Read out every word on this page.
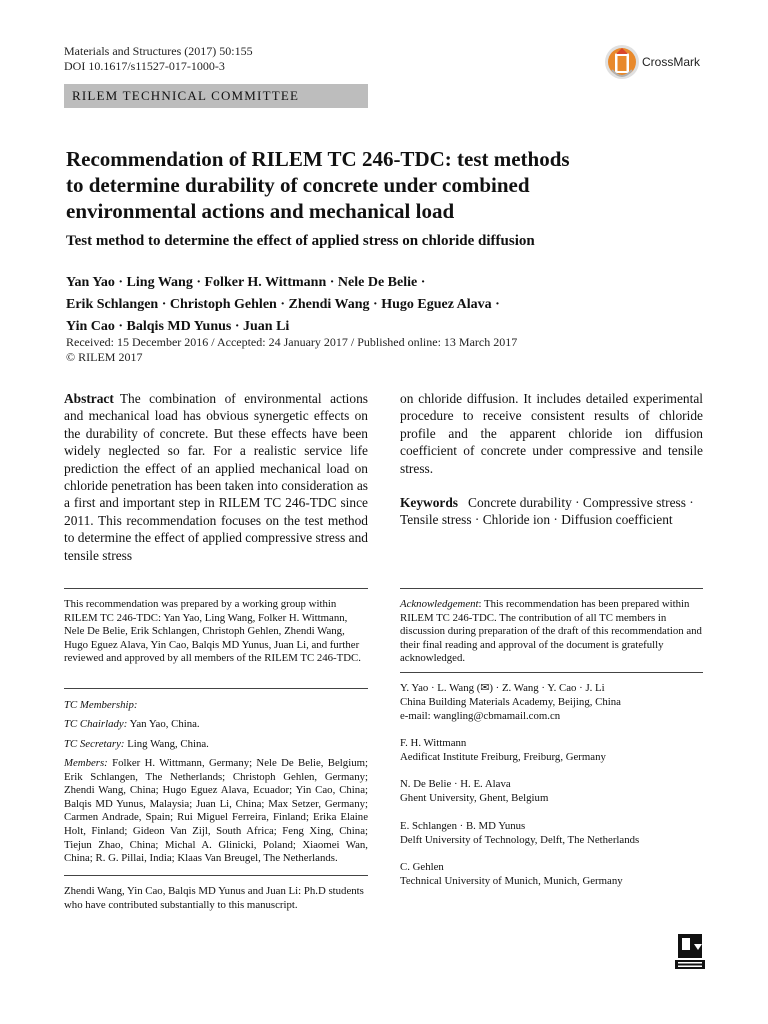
Materials and Structures (2017) 50:155
DOI 10.1617/s11527-017-1000-3	CrossMark
RILEM TECHNICAL COMMITTEE
Recommendation of RILEM TC 246-TDC: test methods
to determine durability of concrete under combined
environmental actions and mechanical load
Test method to determine the effect of applied stress on chloride diffusion
Yan Yao · Ling Wang · Folker H. Wittmann · Nele De Belie ·
Erik Schlangen · Christoph Gehlen · Zhendi Wang · Hugo Eguez Alava ·
Yin Cao · Balqis MD Yunus · Juan Li
Received: 15 December 2016 / Accepted: 24 January 2017 / Published online: 13 March 2017
© RILEM 2017
Abstract The combination of environmental actions and mechanical load has obvious synergetic effects on the durability of concrete. But these effects have been widely neglected so far. For a realistic service life prediction the effect of an applied mechanical load on chloride penetration has been taken into consideration as a first and important step in RILEM TC 246-TDC since 2011. This recommendation focuses on the test method to determine the effect of applied compressive stress and tensile stress
on chloride diffusion. It includes detailed experimental procedure to receive consistent results of chloride profile and the apparent chloride ion diffusion coefficient of concrete under compressive and tensile stress.
Keywords Concrete durability · Compressive stress · Tensile stress · Chloride ion · Diffusion coefficient
This recommendation was prepared by a working group within RILEM TC 246-TDC: Yan Yao, Ling Wang, Folker H. Wittmann, Nele De Belie, Erik Schlangen, Christoph Gehlen, Zhendi Wang, Hugo Eguez Alava, Yin Cao, Balqis MD Yunus, Juan Li, and further reviewed and approved by all members of the RILEM TC 246-TDC.
TC Membership:
TC Chairlady: Yan Yao, China.
TC Secretary: Ling Wang, China.
Members: Folker H. Wittmann, Germany; Nele De Belie, Belgium; Erik Schlangen, The Netherlands; Christoph Gehlen, Germany; Zhendi Wang, China; Hugo Eguez Alava, Ecuador; Yin Cao, China; Balqis MD Yunus, Malaysia; Juan Li, China; Max Setzer, Germany; Carmen Andrade, Spain; Rui Miguel Ferreira, Finland; Erika Elaine Holt, Finland; Gideon Van Zijl, South Africa; Feng Xing, China; Tiejun Zhao, China; Michal A. Glinicki, Poland; Xiaomei Wan, China; R. G. Pillai, India; Klaas Van Breugel, The Netherlands.
Zhendi Wang, Yin Cao, Balqis MD Yunus and Juan Li: Ph.D students who have contributed substantially to this manuscript.
Acknowledgement: This recommendation has been prepared within RILEM TC 246-TDC. The contribution of all TC members in discussion during preparation of the draft of this recommendation and their final reading and approval of the document is gratefully acknowledged.
Y. Yao · L. Wang (✉) · Z. Wang · Y. Cao · J. Li
China Building Materials Academy, Beijing, China
e-mail: wangling@cbmamail.com.cn
F. H. Wittmann
Aedificat Institute Freiburg, Freiburg, Germany
N. De Belie · H. E. Alava
Ghent University, Ghent, Belgium
E. Schlangen · B. MD Yunus
Delft University of Technology, Delft, The Netherlands
C. Gehlen
Technical University of Munich, Munich, Germany
